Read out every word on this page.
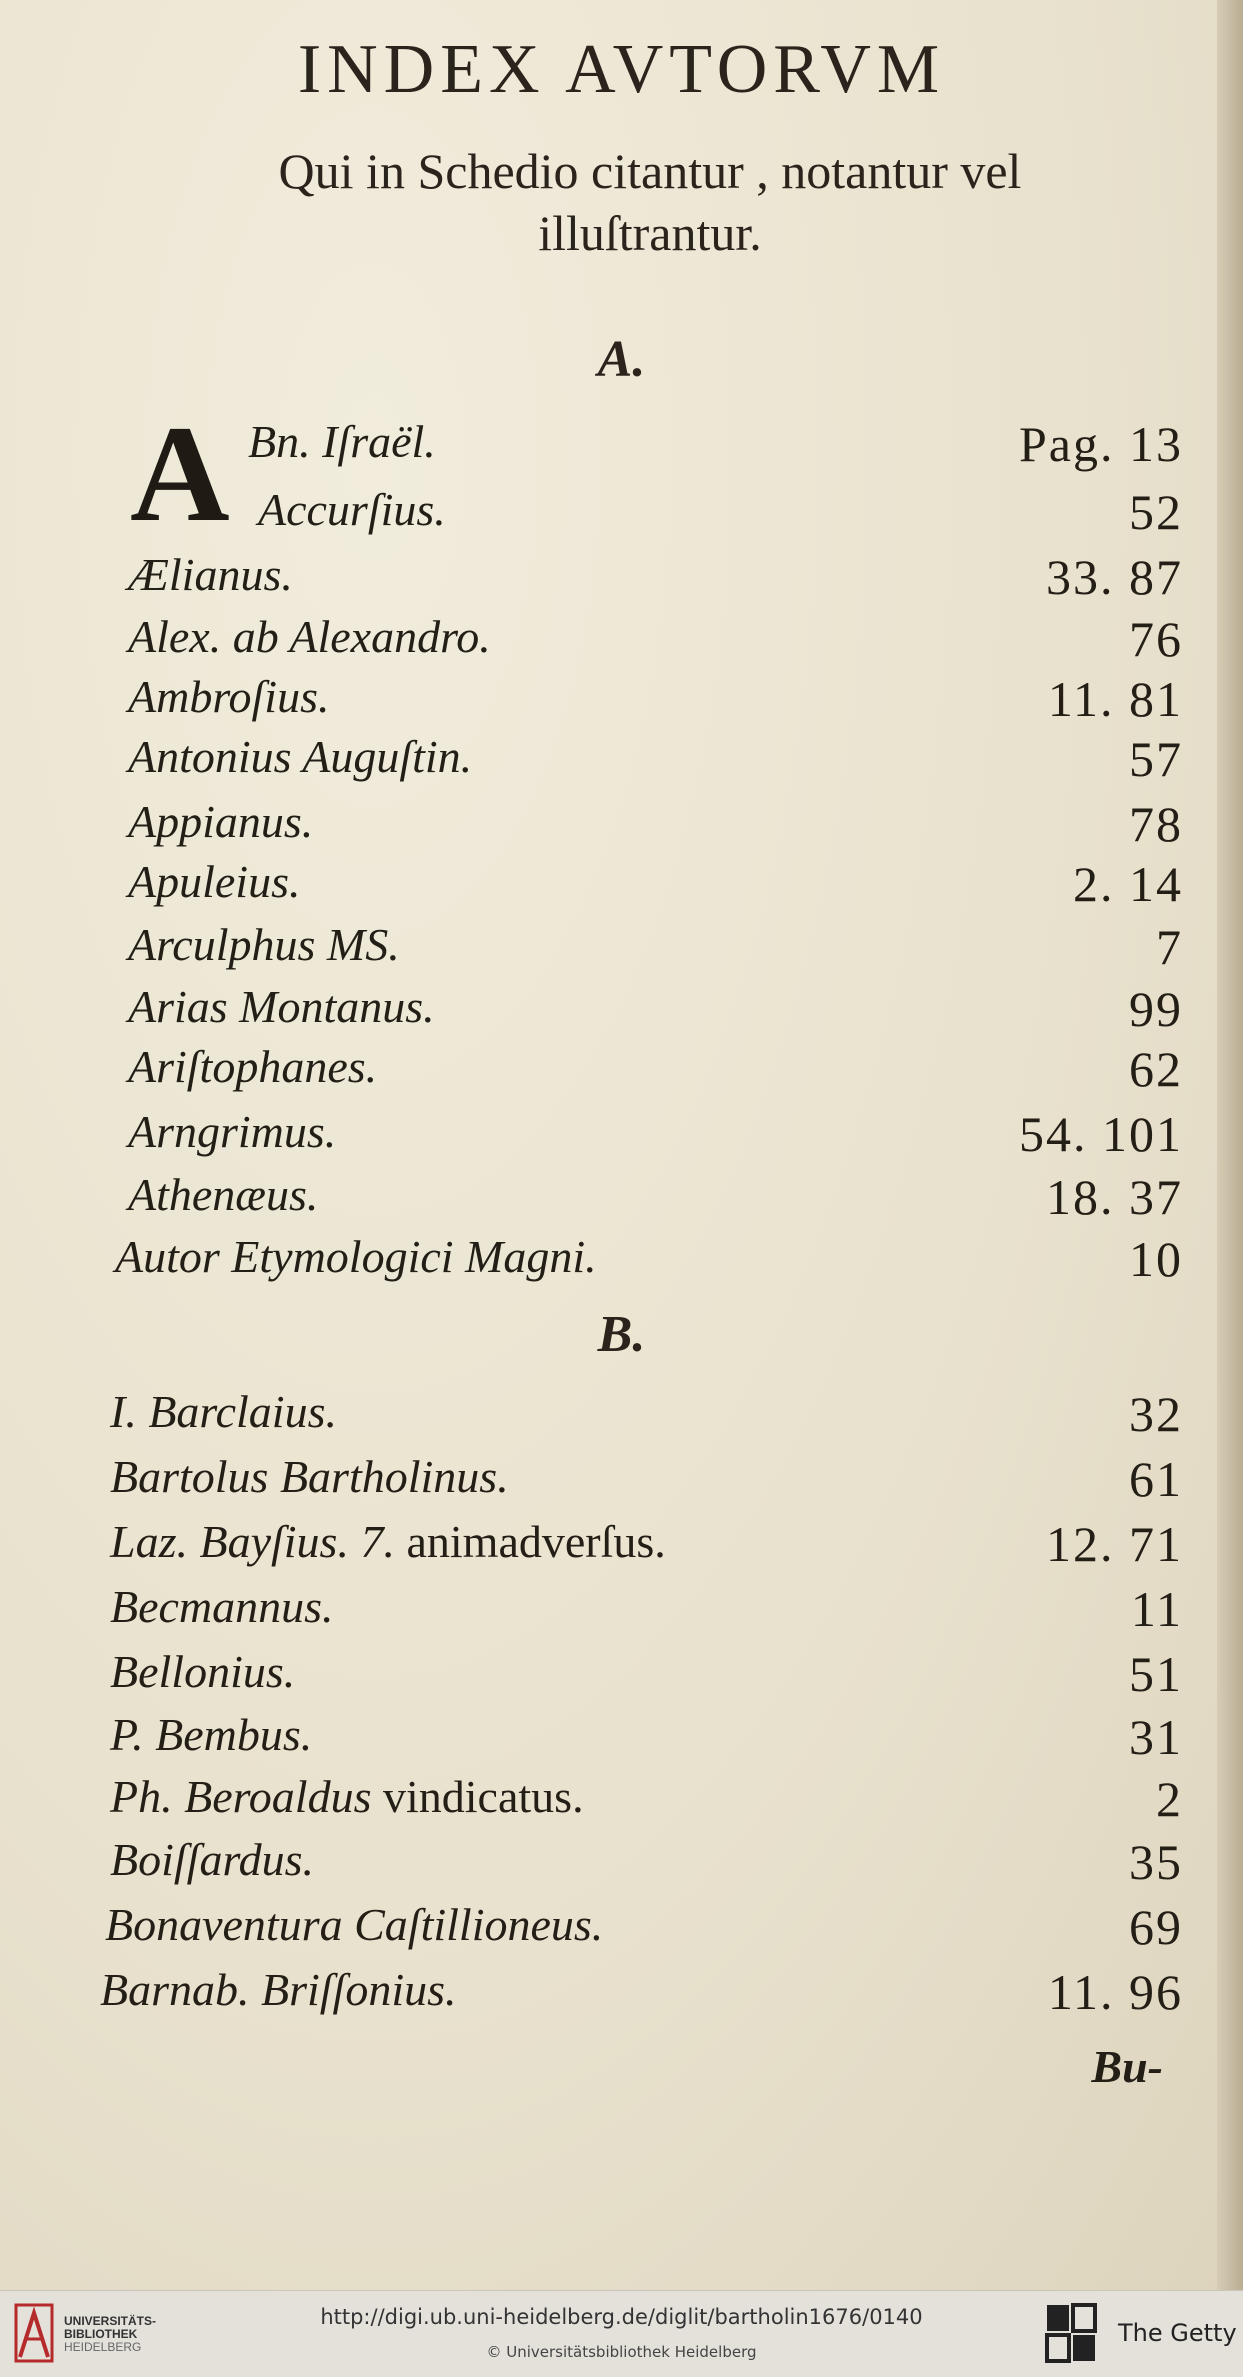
INDEX AVTORVM
Qui in Schedio citantur , notantur vel
illuſtrantur.
A.
A Bn. Iſraël.	Pag. 13
Accurſius.	52
Ælianus.	33. 87
Alex. ab Alexandro.	76
Ambroſius.	11. 81
Antonius Auguſtin.	57
Appianus.	78
Apuleius.	2. 14
Arculphus MS.	7
Arias Montanus.	99
Ariſtophanes.	62
Arngrimus.	54. 101
Athenæus.	18. 37
Autor Etymologici Magni.	10
B.
I. Barclaius.	32
Bartolus Bartholinus.	61
Laz. Bayſius. 7. animadverſus.	12. 71
Becmannus.	11
Bellonius.	51
P. Bembus.	31
Ph. Beroaldus vindicatus.	2
Boiſſardus.	35
Bonaventura Caſtillioneus.	69
Barnab. Briſſonius.	11. 96
Bu-
UNIVERSITÄTS-
BIBLIOTHEK
HEIDELBERG
http://digi.ub.uni-heidelberg.de/diglit/bartholin1676/0140
© Universitätsbibliothek Heidelberg
The Getty
